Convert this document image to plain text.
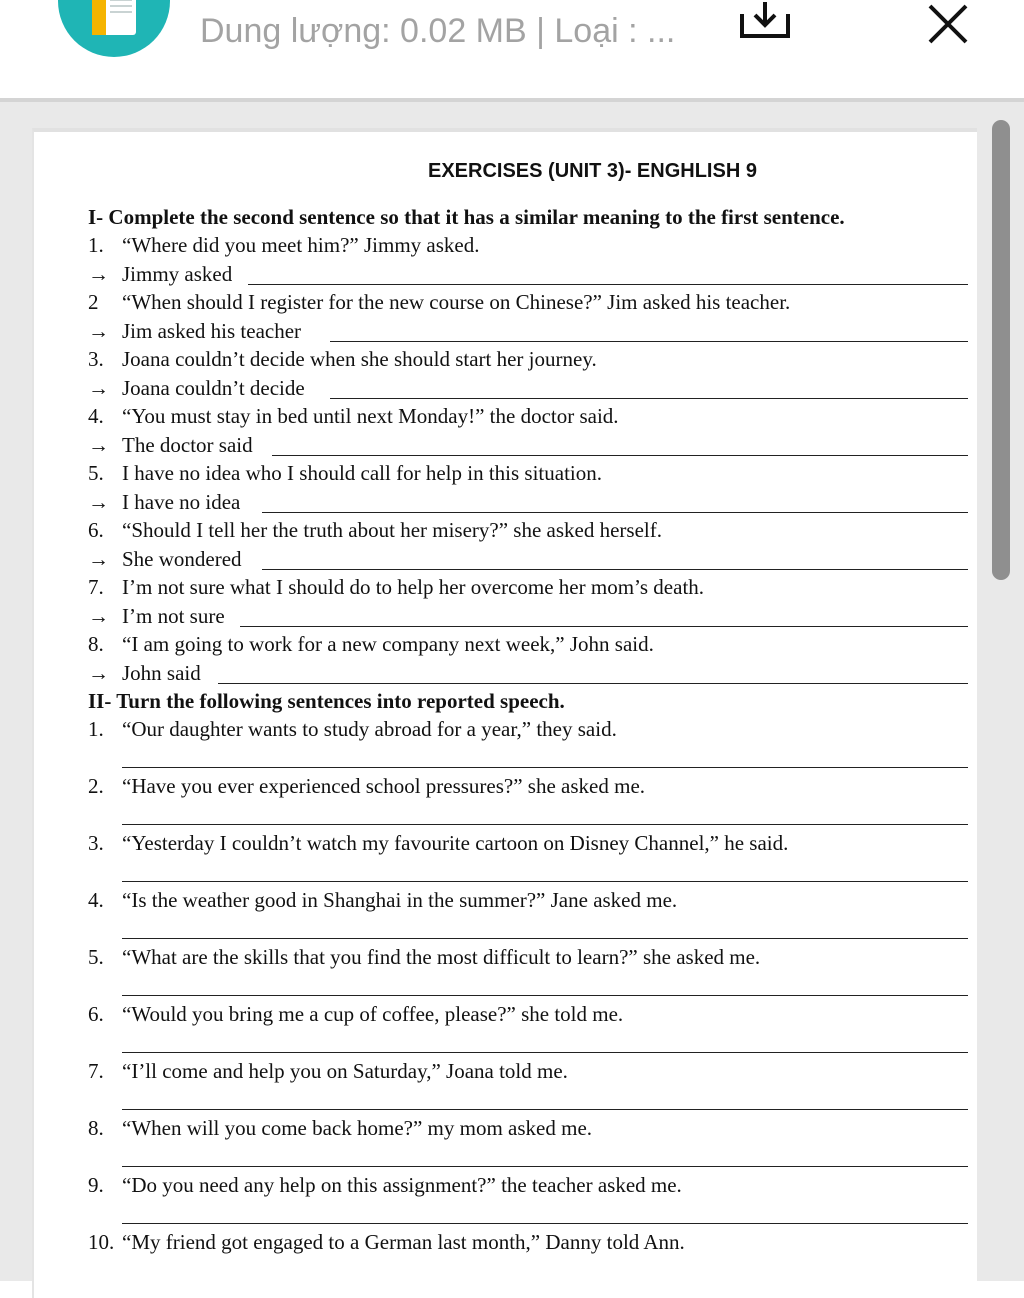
Dung lượng: 0.02 MB | Loại : ...
EXERCISES (UNIT 3)- ENGHLISH 9
I- Complete the second sentence so that it has a similar meaning to the first sentence.
1. “Where did you meet him?” Jimmy asked.
→ Jimmy asked
2 “When should I register for the new course on Chinese?” Jim asked his teacher.
→ Jim asked his teacher
3. Joana couldn’t decide when she should start her journey.
→ Joana couldn’t decide
4. “You must stay in bed until next Monday!” the doctor said.
→ The doctor said
5. I have no idea who I should call for help in this situation.
→ I have no idea
6. “Should I tell her the truth about her misery?” she asked herself.
→ She wondered
7. I’m not sure what I should do to help her overcome her mom’s death.
→ I’m not sure
8. “I am going to work for a new company next week,” John said.
→ John said
II- Turn the following sentences into reported speech.
1. “Our daughter wants to study abroad for a year,” they said.
2. “Have you ever experienced school pressures?” she asked me.
3. “Yesterday I couldn’t watch my favourite cartoon on Disney Channel,” he said.
4. “Is the weather good in Shanghai in the summer?” Jane asked me.
5. “What are the skills that you find the most difficult to learn?” she asked me.
6. “Would you bring me a cup of coffee, please?” she told me.
7. “I’ll come and help you on Saturday,” Joana told me.
8. “When will you come back home?” my mom asked me.
9. “Do you need any help on this assignment?” the teacher asked me.
10. “My friend got engaged to a German last month,” Danny told Ann.
